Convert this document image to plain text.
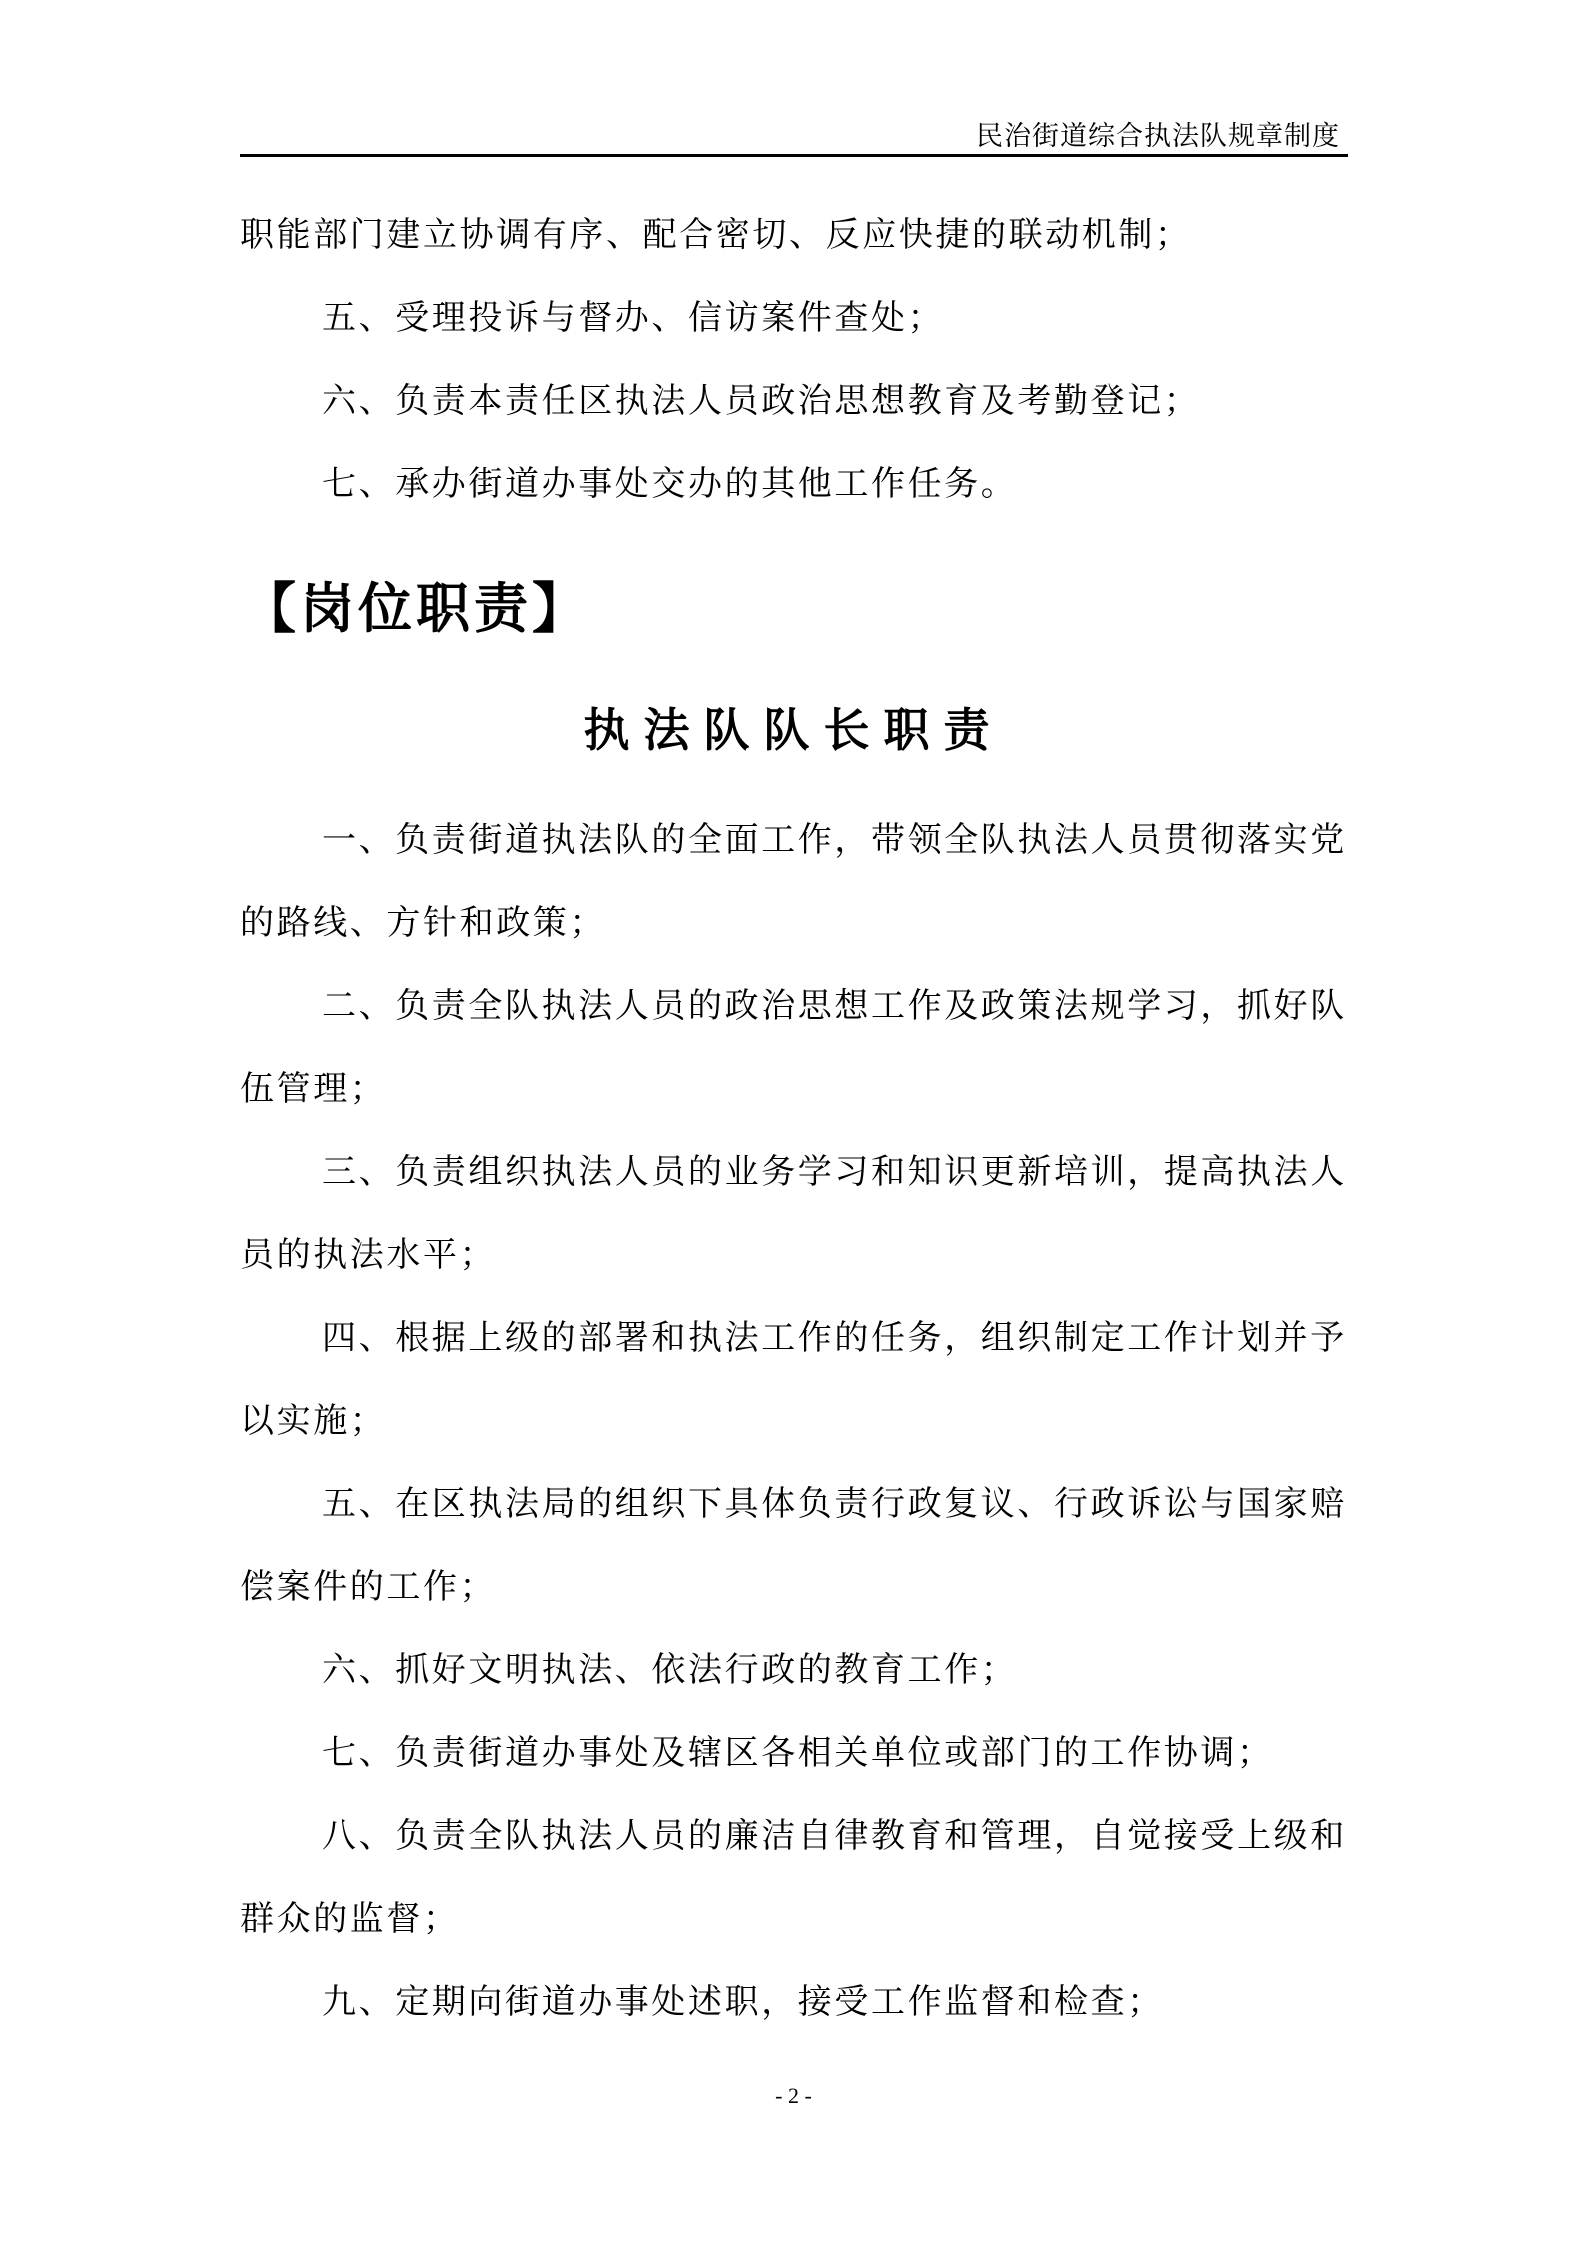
民治街道综合执法队规章制度
职能部门建立协调有序、配合密切、反应快捷的联动机制；
五、受理投诉与督办、信访案件查处；
六、负责本责任区执法人员政治思想教育及考勤登记；
七、承办街道办事处交办的其他工作任务。
【岗位职责】
执法队队长职责
一、负责街道执法队的全面工作，带领全队执法人员贯彻落实党
的路线、方针和政策；
二、负责全队执法人员的政治思想工作及政策法规学习，抓好队
伍管理；
三、负责组织执法人员的业务学习和知识更新培训，提高执法人
员的执法水平；
四、根据上级的部署和执法工作的任务，组织制定工作计划并予
以实施；
五、在区执法局的组织下具体负责行政复议、行政诉讼与国家赔
偿案件的工作；
六、抓好文明执法、依法行政的教育工作；
七、负责街道办事处及辖区各相关单位或部门的工作协调；
八、负责全队执法人员的廉洁自律教育和管理，自觉接受上级和
群众的监督；
九、定期向街道办事处述职，接受工作监督和检查；
- 2 -
